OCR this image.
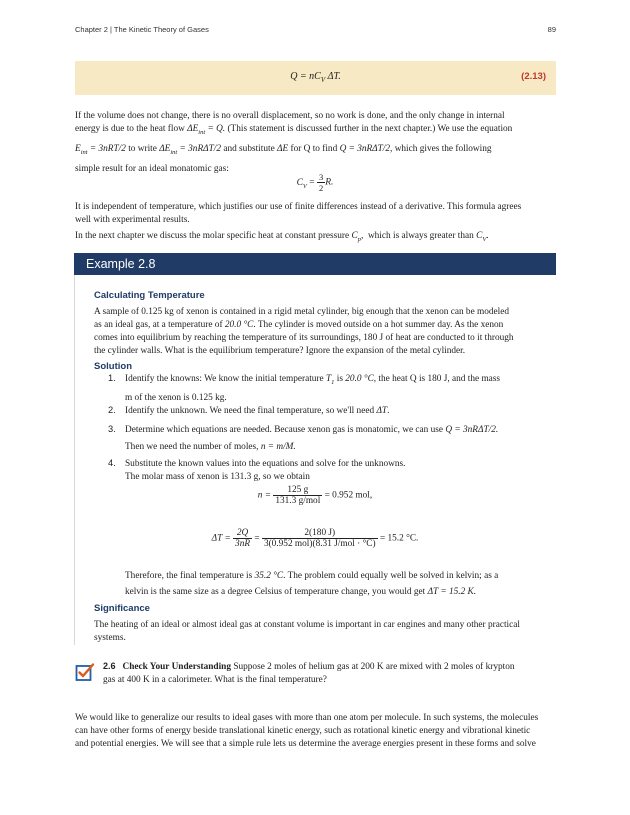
Chapter 2 | The Kinetic Theory of Gases	89
$Q = nC_V$ ΔT.	(2.13)

If the volume does not change, there is no overall displacement, so no work is done, and the only change in internal

energy is due to the heat flow $\Delta E_{int} = Q$. (This statement is discussed further in the next chapter.) We use the equation

$E_{int} = 3nRT/2$ to write $\Delta E_{int} = 3nR\Delta T/2$ and substitute ΔE for Q to find Q = 3nRΔT/2, which gives the following

simple result for an ideal monatomic gas:

$C_V = \frac{3}{2} R$.

It is independent of temperature, which justifies our use of finite differences instead of a derivative. This formula agrees

well with experimental results.

In the next chapter we discuss the molar specific heat at constant pressure $C_p$, which is always greater than $C_V$.

Example 2.8
Calculating Temperature

A sample of 0.125 kg of xenon is contained in a rigid metal cylinder, big enough that the xenon can be modeled

as an ideal gas, at a temperature of 20.0 °C. The cylinder is moved outside on a hot summer day. As the xenon

comes into equilibrium by reaching the temperature of its surroundings, 180 J of heat are conducted to it through

the cylinder walls. What is the equilibrium temperature? Ignore the expansion of the metal cylinder.

Solution
1. Identify the knowns: We know the initial temperature $T_1$ is 20.0 °C, the heat Q is 180 J, and the mass

m of the xenon is 0.125 kg.

2. Identify the unknown. We need the final temperature, so we'll need ΔT.

3. Determine which equations are needed. Because xenon gas is monatomic, we can use Q = 3nRΔT/2.

Then we need the number of moles, n = m/M.

4. Substitute the known values into the equations and solve for the unknowns.

The molar mass of xenon is 131.3 g, so we obtain

$n = \frac{125 g}{\text{131.3 g/mol}} = 0.952$ mol,
$\Delta T = \frac{2Q}{3nR} = \frac{2(180 J)}{\text{3(0.952 mol)(8.31 J/mol · °C)}} = 15.2$ °C.

Therefore, the final temperature is 35.2 °C. The problem could equally well be solved in kelvin; as a

kelvin is the same size as a degree Celsius of temperature change, you would get ΔT = 15.2 K.

Significance

The heating of an ideal or almost ideal gas at constant volume is important in car engines and many other practical

systems.

2.6 Check Your Understanding Suppose 2 moles of helium gas at 200 K are mixed with 2 moles of krypton

gas at 400 K in a calorimeter. What is the final temperature?

We would like to generalize our results to ideal gases with more than one atom per molecule. In such systems, the molecules

can have other forms of energy beside translational kinetic energy, such as rotational kinetic energy and vibrational kinetic

and potential energies. We will see that a simple rule lets us determine the average energies present in these forms and solve
